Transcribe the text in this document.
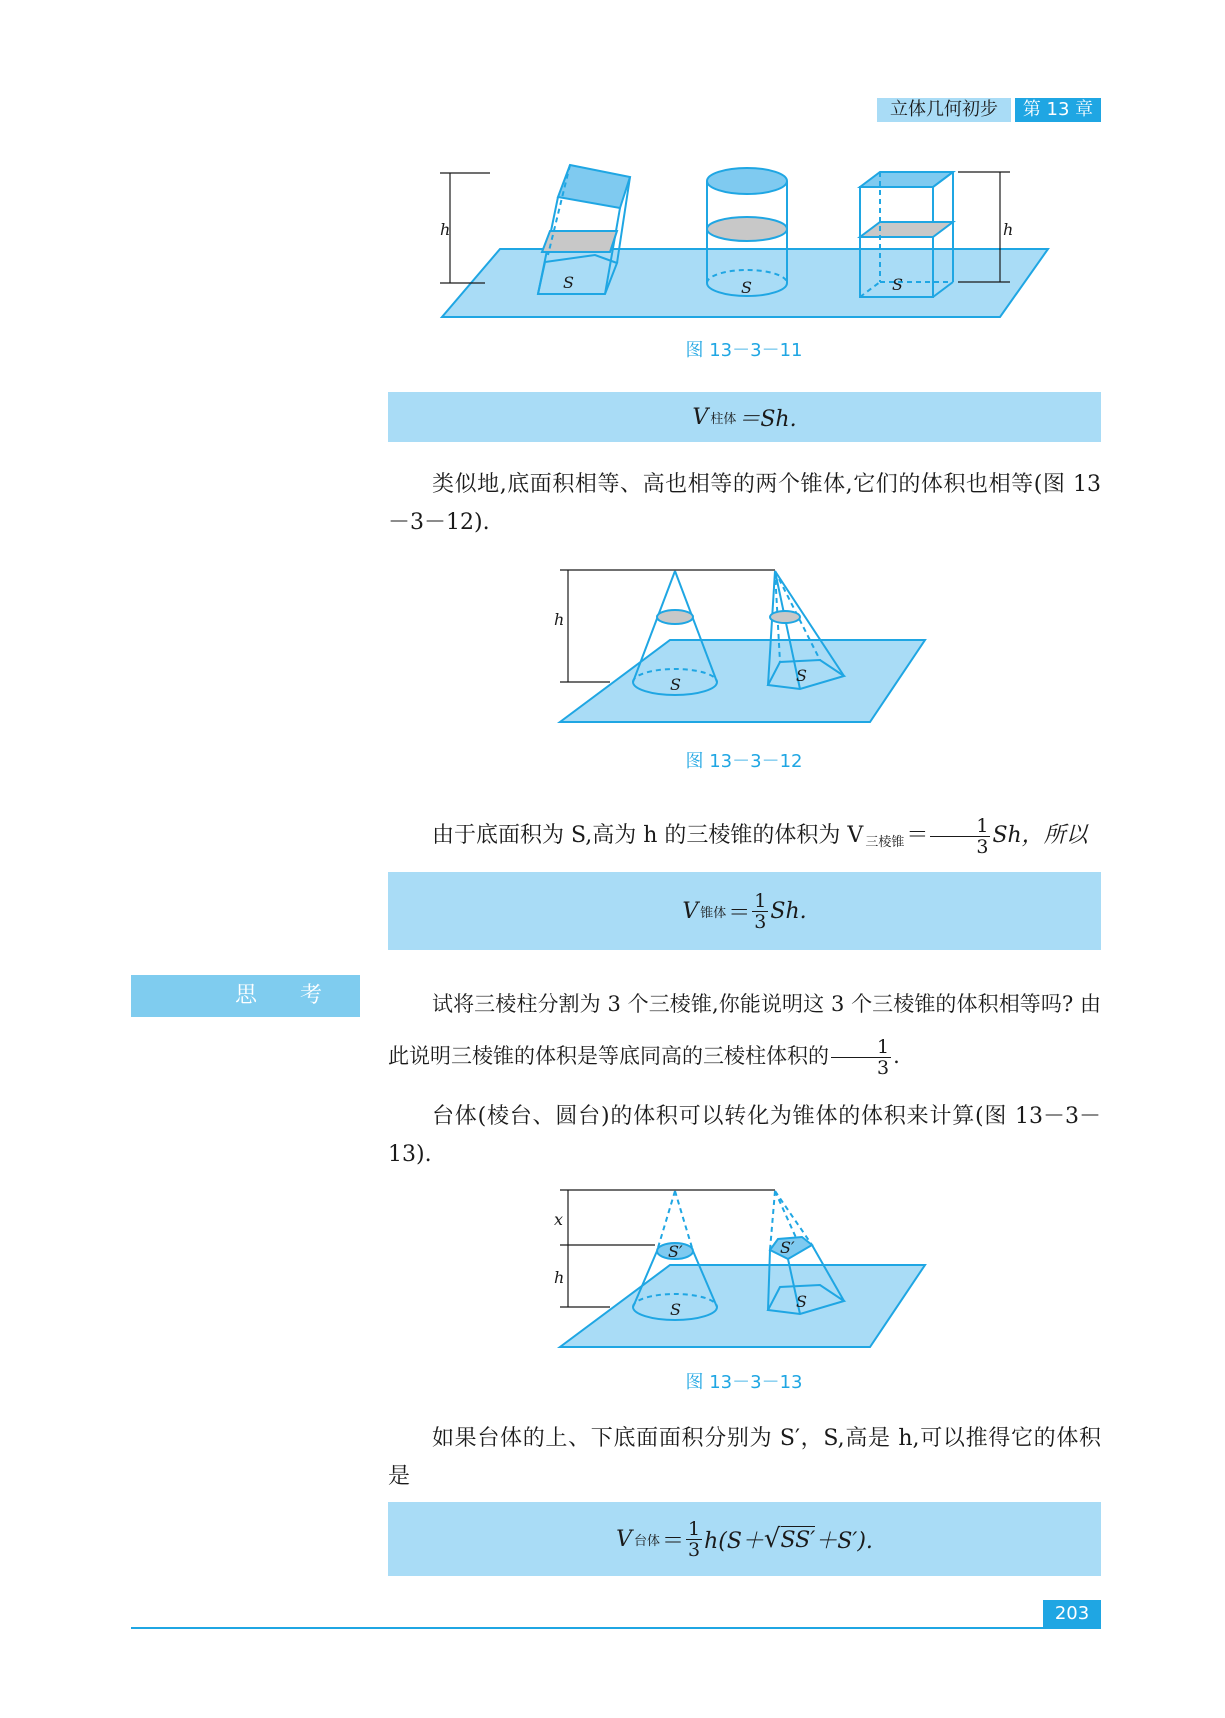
立体几何初步	第 13 章
h
S	S
h
S
图 13－3－11
V 柱体 ＝Sh.
类似地,底面积相等、高也相等的两个锥体,它们的体积也相等(图 13－3－12).
h
S	S
图 13－3－12
由于底面积为 S,高为 h 的三棱锥的体积为 V $_{三棱锥}= \frac{1}{3}$ Sh，所以
V 锥体 ＝ $\frac{1}{3} Sh$.
思 考	试将三棱柱分割为 3 个三棱锥,你能说明这 3 个三棱锥的体积相等吗? 由此说明三棱锥的体积是等底同高的三棱柱体积的 $\frac{1}{3}$ .
台体(棱台、圆台)的体积可以转化为锥体的体积来计算(图 13－3－13).
x
h
S′	S′
S	S
图 13－3－13
如果台体的上、下底面面积分别为 S′，S,高是 h,可以推得它的体积是
V 台体 ＝ $\frac{1}{3} h(S+$ √ SS′ ＋S′).
203
